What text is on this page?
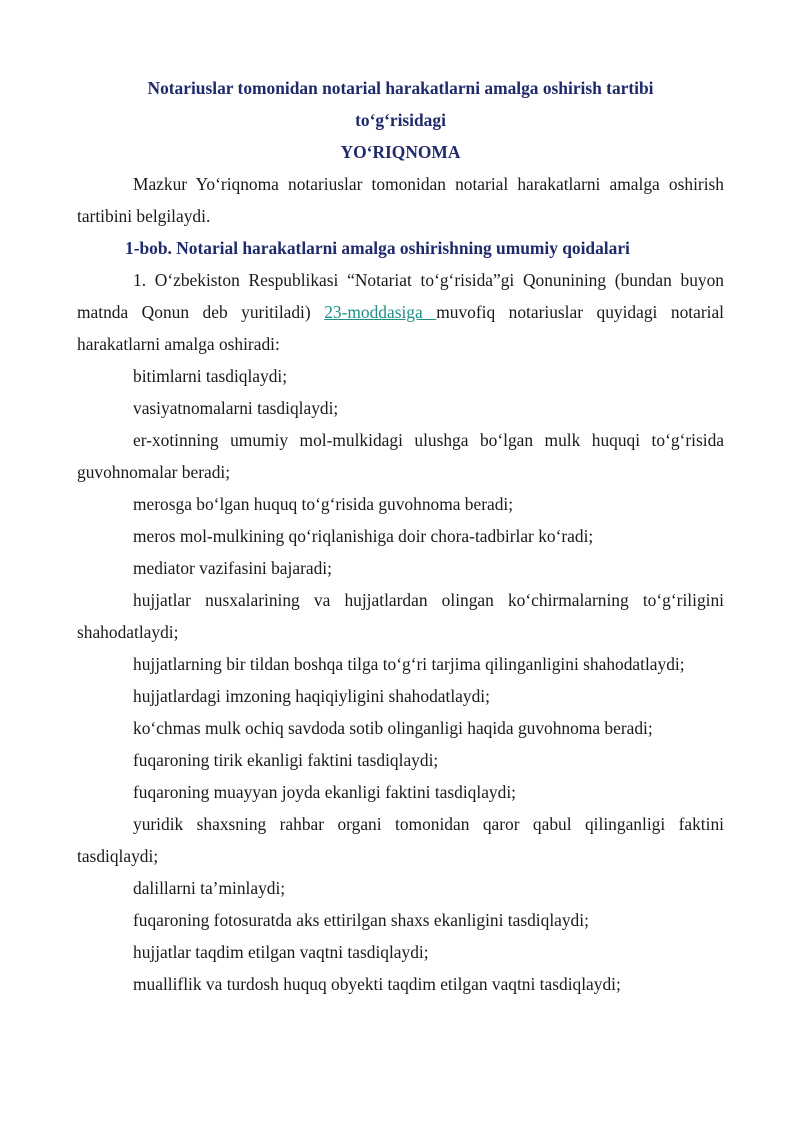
Notariuslar tomonidan notarial harakatlarni amalga oshirish tartibi

to‘g‘risidagi

YO‘RIQNOMA

Mazkur Yo‘riqnoma notariuslar tomonidan notarial harakatlarni amalga oshirish tartibini belgilaydi.

1-bob. Notarial harakatlarni amalga oshirishning umumiy qoidalari

1. O‘zbekiston Respublikasi “Notariat to‘g‘risida”gi Qonunining (bundan buyon matnda Qonun deb yuritiladi) 23-moddasiga muvofiq notariuslar quyidagi notarial harakatlarni amalga oshiradi:

bitimlarni tasdiqlaydi;

vasiyatnomalarni tasdiqlaydi;

er-xotinning umumiy mol-mulkidagi ulushga bo‘lgan mulk huquqi to‘g‘risida guvohnomalar beradi;

merosga bo‘lgan huquq to‘g‘risida guvohnoma beradi;

meros mol-mulkining qo‘riqlanishiga doir chora-tadbirlar ko‘radi;

mediator vazifasini bajaradi;

hujjatlar nusxalarining va hujjatlardan olingan ko‘chirmalarning to‘g‘riligini shahodatlaydi;

hujjatlarning bir tildan boshqa tilga to‘g‘ri tarjima qilinganligini shahodatlaydi;

hujjatlardagi imzoning haqiqiyligini shahodatlaydi;

ko‘chmas mulk ochiq savdoda sotib olinganligi haqida guvohnoma beradi;

fuqaroning tirik ekanligi faktini tasdiqlaydi;

fuqaroning muayyan joyda ekanligi faktini tasdiqlaydi;

yuridik shaxsning rahbar organi tomonidan qaror qabul qilinganligi faktini tasdiqlaydi;

dalillarni ta’minlaydi;

fuqaroning fotosuratda aks ettirilgan shaxs ekanligini tasdiqlaydi;

hujjatlar taqdim etilgan vaqtni tasdiqlaydi;

mualliflik va turdosh huquq obyekti taqdim etilgan vaqtni tasdiqlaydi;
